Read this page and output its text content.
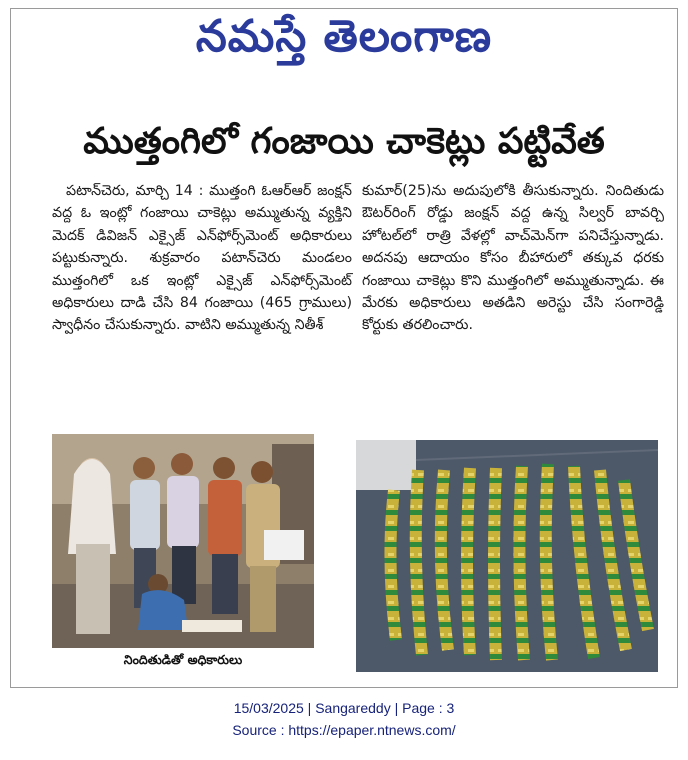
నమస్తే తెలంగాణ
ముత్తంగిలో గంజాయి చాకెట్లు పట్టివేత

పటాన్‌చెరు, మార్చి 14 : ముత్తంగి ఓఆర్‌ఆర్ జంక్షన్ వద్ద ఓ ఇంట్లో గంజాయి చాకెట్లు అమ్ముతున్న వ్యక్తిని మెదక్ డివిజన్ ఎక్సైజ్ ఎన్‌ఫోర్స్‌మెంట్ అధికారులు పట్టుకున్నారు. శుక్రవారం పటాన్‌చెరు మండలం ముత్తంగిలో ఒక ఇంట్లో ఎక్సైజ్ ఎన్‌ఫోర్స్‌మెంట్ అధికారులు దాడి చేసి 84 గంజాయి (465 గ్రాములు) స్వాధీనం చేసుకున్నారు. వాటిని అమ్ముతున్న నితీశ్

కుమార్(25)ను అదుపులోకి తీసుకున్నారు. నిందితుడు ఔటర్‌రింగ్ రోడ్డు జంక్షన్ వద్ద ఉన్న సిల్వర్ బావర్చి హోటల్‌లో రాత్రి వేళల్లో వాచ్‌మెన్‌గా పనిచేస్తున్నాడు. అదనపు ఆదాయం కోసం బీహారులో తక్కువ ధరకు గంజాయి చాకెట్లు కొని ముత్తంగిలో అమ్ముతున్నాడు. ఈ మేరకు అధికారులు అతడిని అరెస్టు చేసి సంగారెడ్డి కోర్టుకు తరలించారు.

నిందితుడితో అధికారులు
15/03/2025 | Sangareddy | Page : 3
Source : https://epaper.ntnews.com/
